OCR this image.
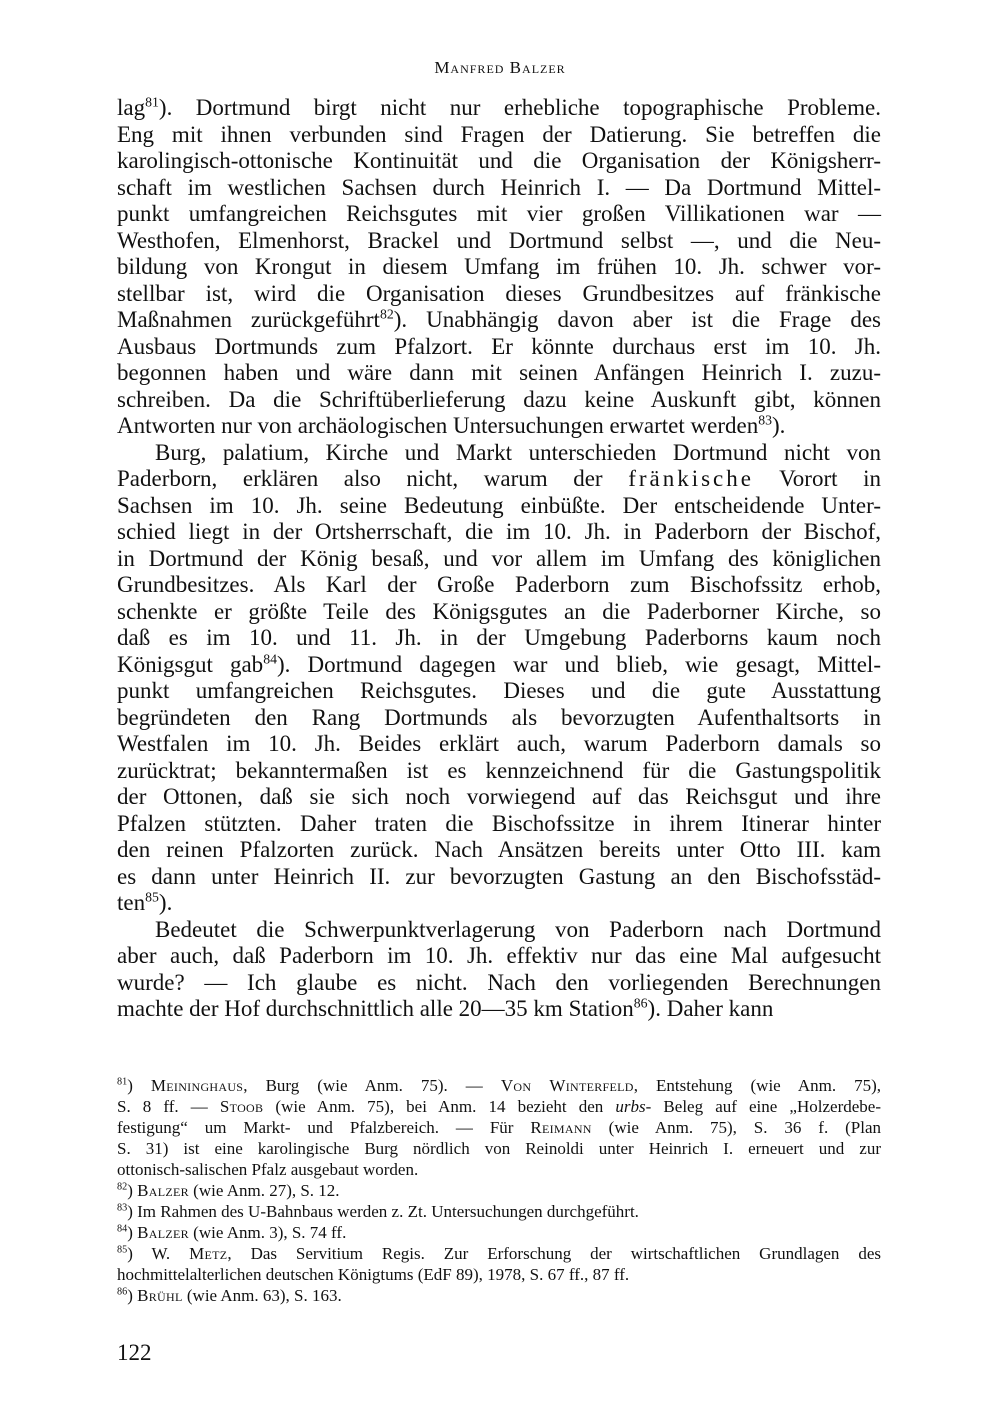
Manfred Balzer
lag$^{81}$). Dortmund birgt nicht nur erhebliche topographische Probleme.
Eng mit ihnen verbunden sind Fragen der Datierung. Sie betreffen die
karolingisch-ottonische Kontinuität und die Organisation der Königsherr-
schaft im westlichen Sachsen durch Heinrich I. — Da Dortmund Mittel-
punkt umfangreichen Reichsgutes mit vier großen Villikationen war —
Westhofen, Elmenhorst, Brackel und Dortmund selbst —, und die Neu-
bildung von Krongut in diesem Umfang im frühen 10. Jh. schwer vor-
stellbar ist, wird die Organisation dieses Grundbesitzes auf fränkische
Maßnahmen zurückgeführt$^{82}$). Unabhängig davon aber ist die Frage des
Ausbaus Dortmunds zum Pfalzort. Er könnte durchaus erst im 10. Jh.
begonnen haben und wäre dann mit seinen Anfängen Heinrich I. zuzu-
schreiben. Da die Schriftüberlieferung dazu keine Auskunft gibt, können
Antworten nur von archäologischen Untersuchungen erwartet werden$^{83}$).
Burg, palatium, Kirche und Markt unterschieden Dortmund nicht von
Paderborn, erklären also nicht, warum der fränkische Vorort in
Sachsen im 10. Jh. seine Bedeutung einbüßte. Der entscheidende Unter-
schied liegt in der Ortsherrschaft, die im 10. Jh. in Paderborn der Bischof,
in Dortmund der König besaß, und vor allem im Umfang des königlichen
Grundbesitzes. Als Karl der Große Paderborn zum Bischofssitz erhob,
schenkte er größte Teile des Königsgutes an die Paderborner Kirche, so
daß es im 10. und 11. Jh. in der Umgebung Paderborns kaum noch
Königsgut gab$^{84}$). Dortmund dagegen war und blieb, wie gesagt, Mittel-
punkt umfangreichen Reichsgutes. Dieses und die gute Ausstattung
begründeten den Rang Dortmunds als bevorzugten Aufenthaltsorts in
Westfalen im 10. Jh. Beides erklärt auch, warum Paderborn damals so
zurücktrat; bekanntermaßen ist es kennzeichnend für die Gastungspolitik
der Ottonen, daß sie sich noch vorwiegend auf das Reichsgut und ihre
Pfalzen stützten. Daher traten die Bischofssitze in ihrem Itinerar hinter
den reinen Pfalzorten zurück. Nach Ansätzen bereits unter Otto III. kam
es dann unter Heinrich II. zur bevorzugten Gastung an den Bischofsstäd-
ten$^{85}$).
Bedeutet die Schwerpunktverlagerung von Paderborn nach Dortmund
aber auch, daß Paderborn im 10. Jh. effektiv nur das eine Mal aufgesucht
wurde? — Ich glaube es nicht. Nach den vorliegenden Berechnungen
machte der Hof durchschnittlich alle 20—35 km Station$^{86}$). Daher kann
$^{81}$) Meininghaus, Burg (wie Anm. 75). — Von Winterfeld, Entstehung (wie Anm. 75),
S. 8 ff. — Stoob (wie Anm. 75), bei Anm. 14 bezieht den urbs- Beleg auf eine „Holzerdebe-
festigung“ um Markt- und Pfalzbereich. — Für Reimann (wie Anm. 75), S. 36 f. (Plan
S. 31) ist eine karolingische Burg nördlich von Reinoldi unter Heinrich I. erneuert und zur
ottonisch-salischen Pfalz ausgebaut worden.
$^{82}$) Balzer (wie Anm. 27), S. 12.
$^{83}$) Im Rahmen des U-Bahnbaus werden z. Zt. Untersuchungen durchgeführt.
$^{84}$) Balzer (wie Anm. 3), S. 74 ff.
$^{85}$) W. Metz, Das Servitium Regis. Zur Erforschung der wirtschaftlichen Grundlagen des
hochmittelalterlichen deutschen Königtums (EdF 89), 1978, S. 67 ff., 87 ff.
$^{86}$) Brühl (wie Anm. 63), S. 163.
122
